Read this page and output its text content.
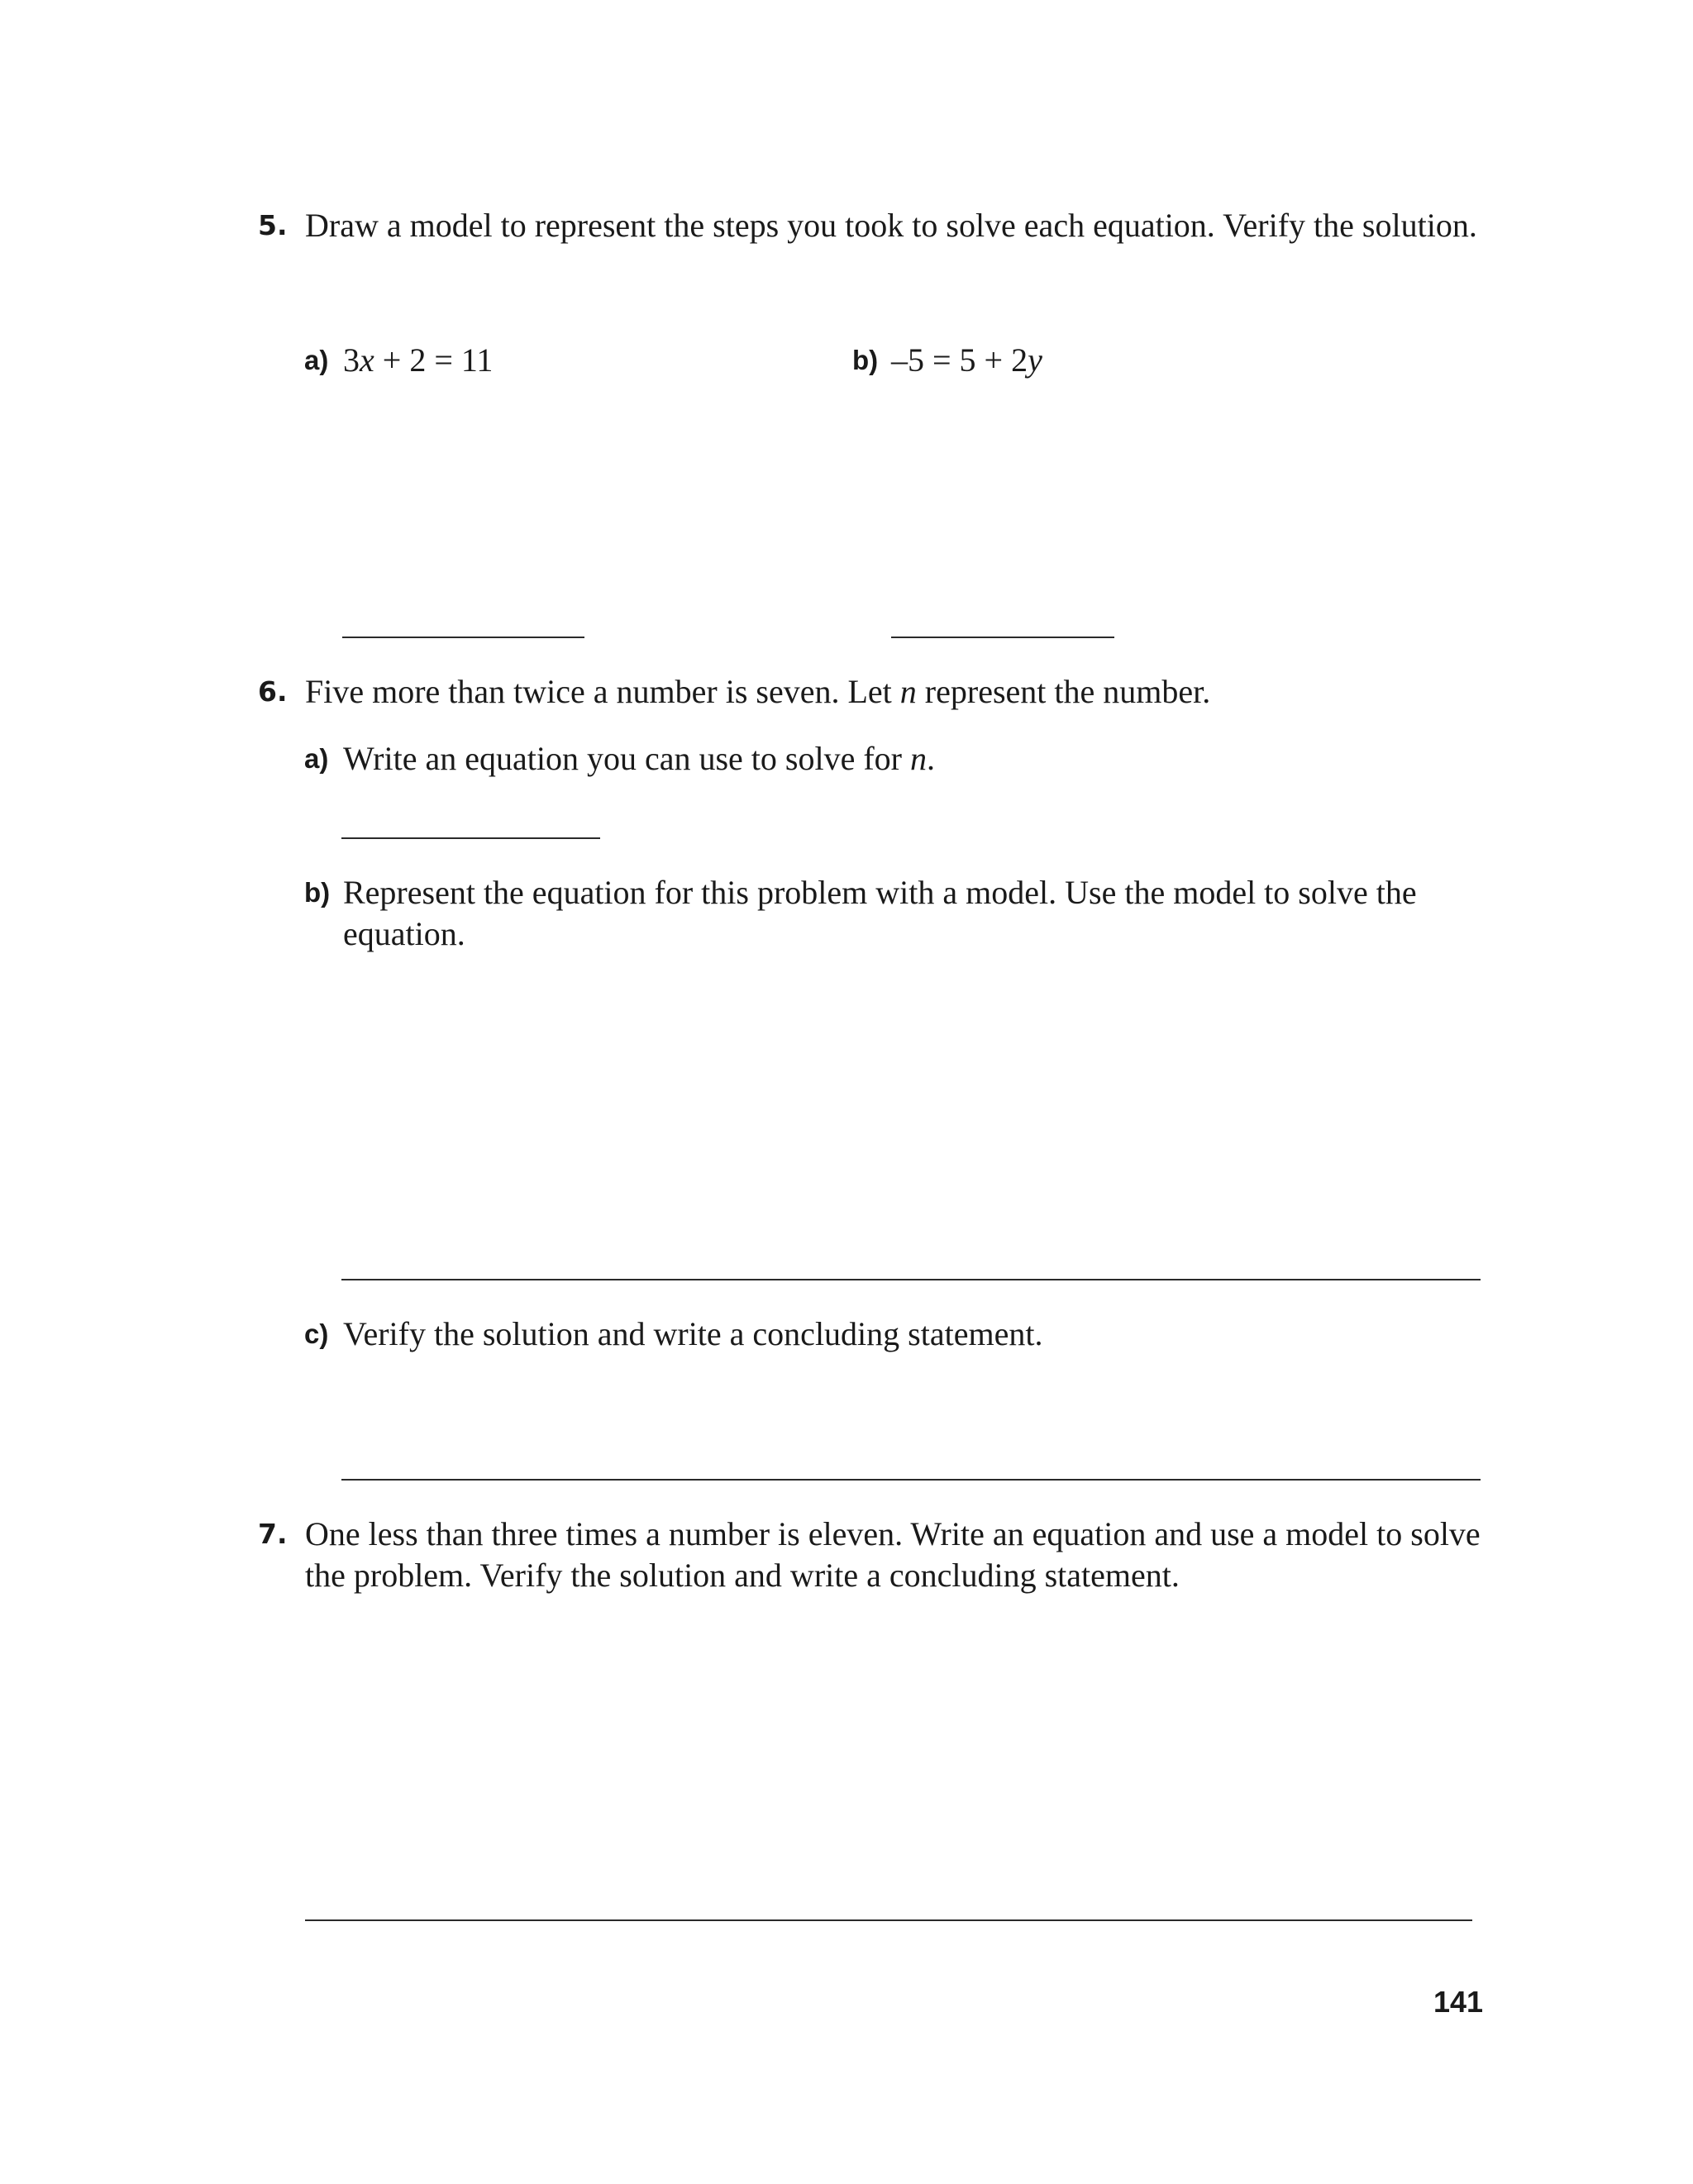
5. Draw a model to represent the steps you took to solve each equation. Verify the solution.
a) 3x + 2 = 11	b) –5 = 5 + 2y
6. Five more than twice a number is seven. Let n represent the number.
a) Write an equation you can use to solve for n.
b) Represent the equation for this problem with a model. Use the model to solve the
equation.
c) Verify the solution and write a concluding statement.
7. One less than three times a number is eleven. Write an equation and use a model to solve
the problem. Verify the solution and write a concluding statement.
141
